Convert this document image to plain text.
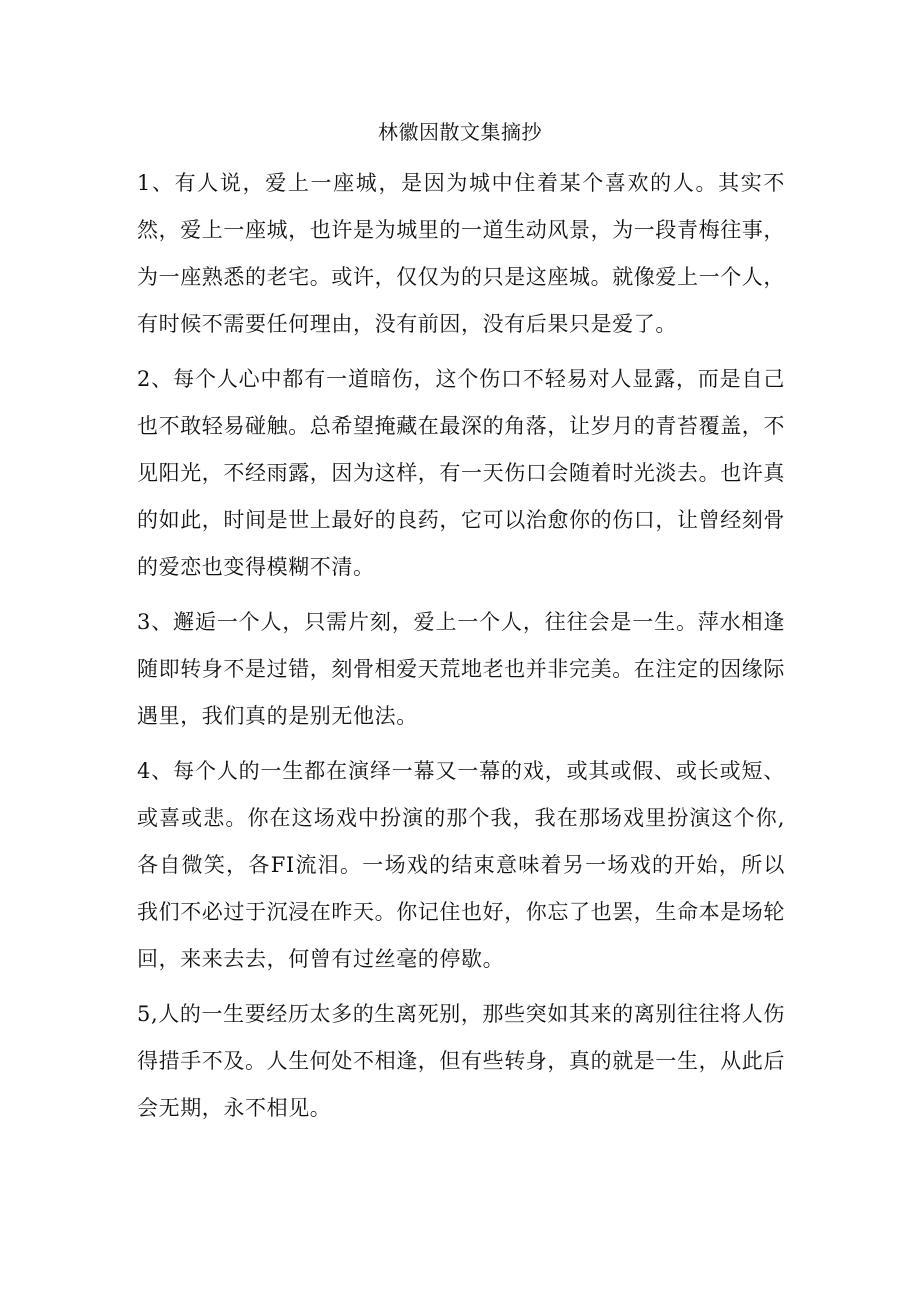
林徽因散文集摘抄

1、有人说，爱上一座城，是因为城中住着某个喜欢的人。其实不然，爱上一座城，也许是为城里的一道生动风景，为一段青梅往事，为一座熟悉的老宅。或许，仅仅为的只是这座城。就像爱上一个人，有时候不需要任何理由，没有前因，没有后果只是爱了。

2、每个人心中都有一道暗伤，这个伤口不轻易对人显露，而是自己也不敢轻易碰触。总希望掩藏在最深的角落，让岁月的青苔覆盖，不见阳光，不经雨露，因为这样，有一天伤口会随着时光淡去。也许真的如此，时间是世上最好的良药，它可以治愈你的伤口，让曾经刻骨的爱恋也变得模糊不清。

3、邂逅一个人，只需片刻，爱上一个人，往往会是一生。萍水相逢随即转身不是过错，刻骨相爱天荒地老也并非完美。在注定的因缘际遇里，我们真的是别无他法。

4、每个人的一生都在演绎一幕又一幕的戏，或其或假、或长或短、或喜或悲。你在这场戏中扮演的那个我，我在那场戏里扮演这个你, 各自微笑，各FI流泪。一场戏的结束意味着另一场戏的开始，所以我们不必过于沉浸在昨天。你记住也好，你忘了也罢，生命本是场轮回，来来去去，何曾有过丝毫的停歇。

5,人的一生要经历太多的生离死别，那些突如其来的离别往往将人伤得措手不及。人生何处不相逢，但有些转身，真的就是一生，从此后会无期，永不相见。
